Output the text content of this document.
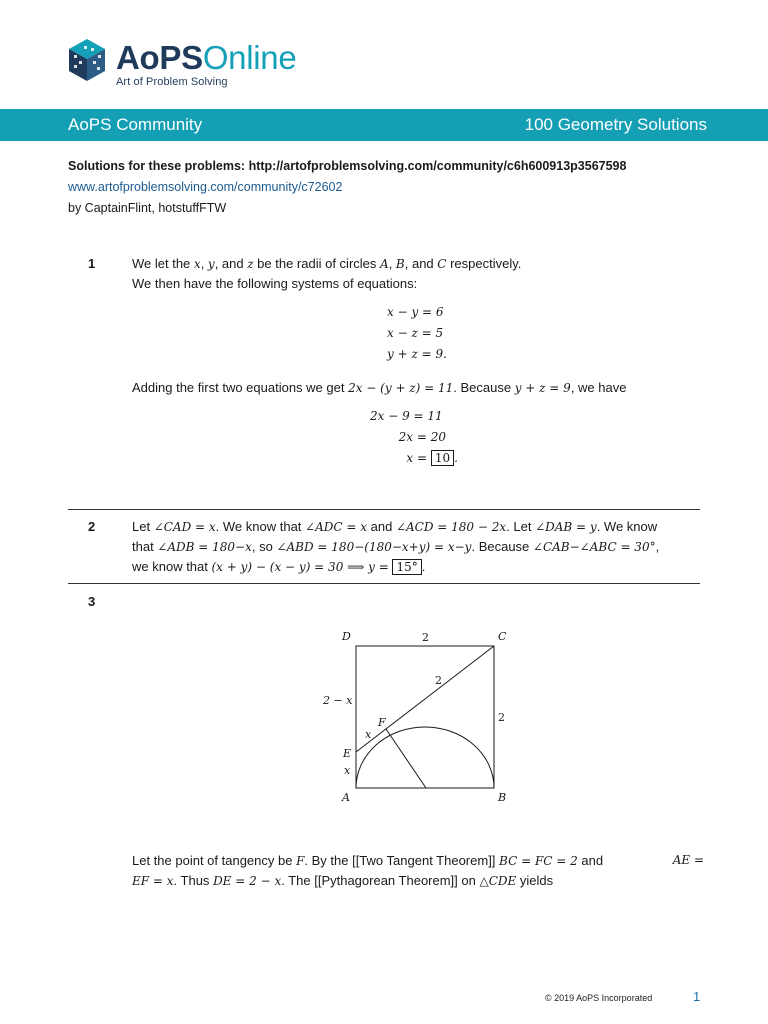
AoPSOnline
Art of Problem Solving
AoPS Community	100 Geometry Solutions
Solutions for these problems: http://artofproblemsolving.com/community/c6h600913p3567598
www.artofproblemsolving.com/community/c72602
by CaptainFlint, hotstuffFTW
1	We let the x, y, and z be the radii of circles A, B, and C respectively.
We then have the following systems of equations:
x − y = 6
x − z = 5
y + z = 9.
Adding the first two equations we get 2x − (y + z) = 11. Because y + z = 9, we have
2x − 9 = 11
2x = 20
x = 10 .
2	Let ∠CAD = x. We know that ∠ADC = x and ∠ACD = 180 − 2x. Let ∠DAB = y. We know
that ∠ADB = 180−x, so ∠ABD = 180−(180−x+y) = x−y. Because ∠CAB−∠ABC = 30°,
we know that (x + y) − (x − y) = 30 ⟹ y = 15° .
3
D	2	C
2
2
2 − x
F
x
E
x
A	B
Let the point of tangency be F. By the [[Two Tangent Theorem]] BC = FC = 2 and	AE =
EF = x. Thus DE = 2 − x. The [[Pythagorean Theorem]] on △CDE yields
© 2019 AoPS Incorporated	1
